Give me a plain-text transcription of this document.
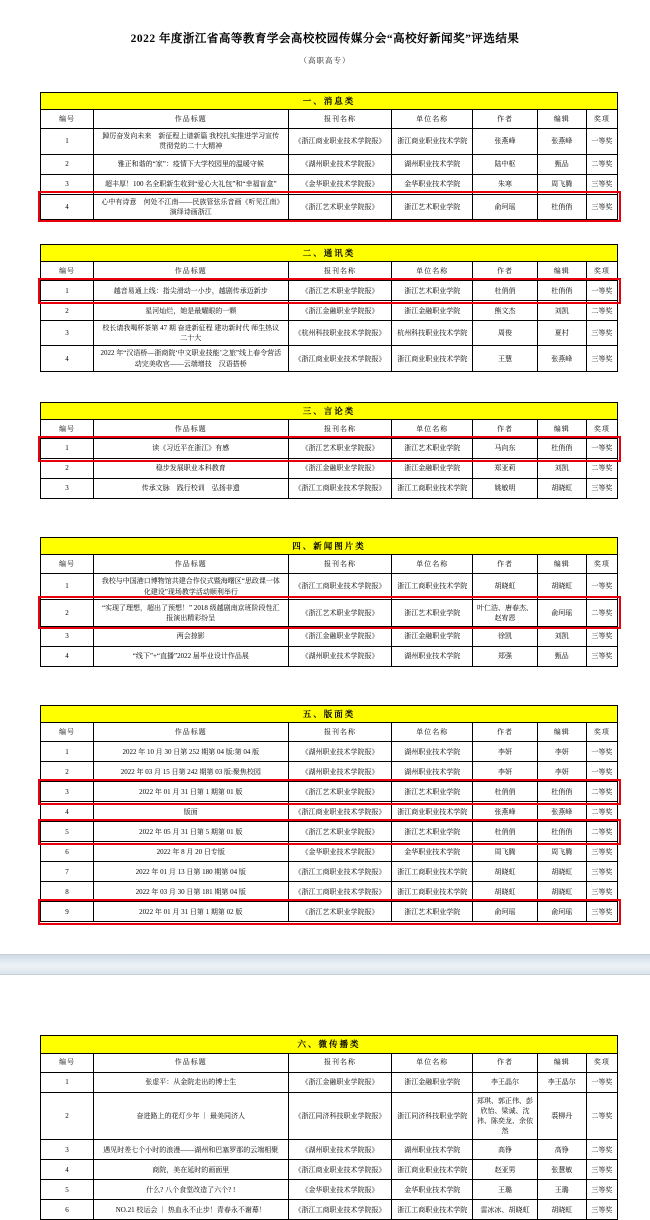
2022 年度浙江省高等教育学会高校校园传媒分会“高校好新闻奖”评选结果
（高职高专）
一、消息类						
编号	作品标题	报刊名称	单位名称	作者	编辑	奖项
1	踔厉奋发向未来　新征程上谱新篇 我校扎实推进学习宣传贯彻党的二十大精神	《浙江商业职业技术学院报》	浙江商业职业技术学院	张燕峰	张燕峰	一等奖
2	雅正和谐的“家”：疫情下大学校园里的温暖守候	《湖州职业技术学院报》	湖州职业技术学院	陆中枢	甄品	二等奖
3	超丰厚！100 名全职新生收到“爱心大礼包”和“幸福盲盒”	《金华职业技术学院报》	金华职业技术学院	朱寒	周飞腾	三等奖
4	心中有诗意　何处不江南——民族管弦乐音画《听见江南》演绎诗画浙江	《浙江艺术职业学院报》	浙江艺术职业学院	俞珂瑶	杜俏俏	三等奖
二、通讯类						
编号	作品标题	报刊名称	单位名称	作者	编辑	奖项
1	越音易通上线：指尖滑动一小步，越剧传承迈新步	《浙江艺术职业学院报》	浙江艺术职业学院	杜俏俏	杜俏俏	一等奖
2	星河灿烂，她是最耀眼的一颗	《浙江金融职业学院报》	浙江金融职业学院	熊文杰	刘凯	二等奖
3	校长请我喝杯茶第 47 期 奋进新征程 建功新时代 师生热议二十大	《杭州科技职业技术学院报》	杭州科技职业技术学院	周俊	夏村	三等奖
4	2022 年“汉语桥—浙商院‘中文职业技能’之旅”线上春令营活动完美收官——云端增技　汉语搭桥	《浙江商业职业技术学院报》	浙江商业职业技术学院	王慧	张燕峰	三等奖
三、言论类						
编号	作品标题	报刊名称	单位名称	作者	编辑	奖项
1	读《习近平在浙江》有感	《浙江艺术职业学院报》	浙江艺术职业学院	马向东	杜俏俏	一等奖
2	稳步发展职业本科教育	《浙江金融职业学院报》	浙江金融职业学院	郑亚莉	刘凯	二等奖
3	传承文脉　践行校训　弘扬非遗	《浙江工商职业技术学院报》	浙江工商职业技术学院	姚敏明	胡晓虹	三等奖
四、新闻图片类						
编号	作品标题	报刊名称	单位名称	作者	编辑	奖项
1	我校与中国港口博物馆共建合作仪式暨海曙区“思政课一体化建设”现场教学活动顺利举行	《浙江工商职业技术学院报》	浙江工商职业技术学院	胡晓虹	胡晓虹	一等奖
2	“实现了理想，超出了预想！” 2018 级越剧南京班阶段性汇报演出精彩纷呈	《浙江艺术职业学院报》	浙江艺术职业学院	叶仁浩、唐春杰、赵宥恩	俞珂瑶	二等奖
3	两会掠影	《浙江金融职业学院报》	浙江金融职业学院	徐凯	刘凯	三等奖
4	“线下”+“直播”2022 届毕业设计作品展	《湖州职业技术学院报》	湖州职业技术学院	郑强	甄品	三等奖
五、版面类						
编号	作品标题	报刊名称	单位名称	作者	编辑	奖项
1	2022 年 10 月 30 日第 252 期第 04 版:第 04 版	《湖州职业技术学院报》	湖州职业技术学院	李妍	李妍	一等奖
2	2022 年 03 月 15 日第 242 期第 03 版:聚焦校园	《湖州职业技术学院报》	湖州职业技术学院	李妍	李妍	一等奖
3	2022 年 01 月 31 日第 1 期第 01 版	《浙江艺术职业学院报》	浙江艺术职业学院	杜俏俏	杜俏俏	二等奖
4	版面	《浙江商业职业技术学院报》	浙江商业职业技术学院	张燕峰	张燕峰	二等奖
5	2022 年 05 月 31 日第 5 期第 01 版	《浙江艺术职业学院报》	浙江艺术职业学院	杜俏俏	杜俏俏	二等奖
6	2022 年 8 月 20 日专版	《金华职业技术学院报》	金华职业技术学院	周飞腾	周飞腾	三等奖
7	2022 年 01 月 13 日第 180 期第 04 版	《浙江工商职业技术学院报》	浙江工商职业技术学院	胡晓虹	胡晓虹	三等奖
8	2022 年 03 月 30 日第 181 期第 04 版	《浙江工商职业技术学院报》	浙江工商职业技术学院	胡晓虹	胡晓虹	三等奖
9	2022 年 01 月 31 日第 1 期第 02 版	《浙江艺术职业学院报》	浙江艺术职业学院	俞珂瑶	俞珂瑶	三等奖
六、微传播类						
编号	作品标题	报刊名称	单位名称	作者	编辑	奖项
1	张虚平：从金院走出的博士生	《浙江金融职业学院报》	浙江金融职业学院	李王晶尔	李王晶尔	一等奖
2	奋进路上的花灯少年 ｜ 最美同济人	《浙江同济科技职业学院报》	浙江同济科技职业学院	郑琪、郭正伟、彭欣怡、梁诚、沈祎、陈奕龙、余依然	裘柳丹	二等奖
3	遇见时差七个小时的浪漫——湖州和巴塞罗那的云端相聚	《湖州职业技术学院报》	湖州职业技术学院	高铮	高铮	二等奖
4	商院，美在延时的画面里	《浙江商业职业技术学院报》	浙江商业职业技术学院	赵亚男	张慧敏	三等奖
5	什么? 八个食堂改造了六个? !	《金华职业技术学院报》	金华职业技术学院	王璐	王璐	三等奖
6	NO.21 校运会 ｜ 热血永不止步！青春永不谢幕！	《浙江工商职业技术学院报》	浙江工商职业技术学院	雷冰冰、胡晓虹	胡晓虹	三等奖
